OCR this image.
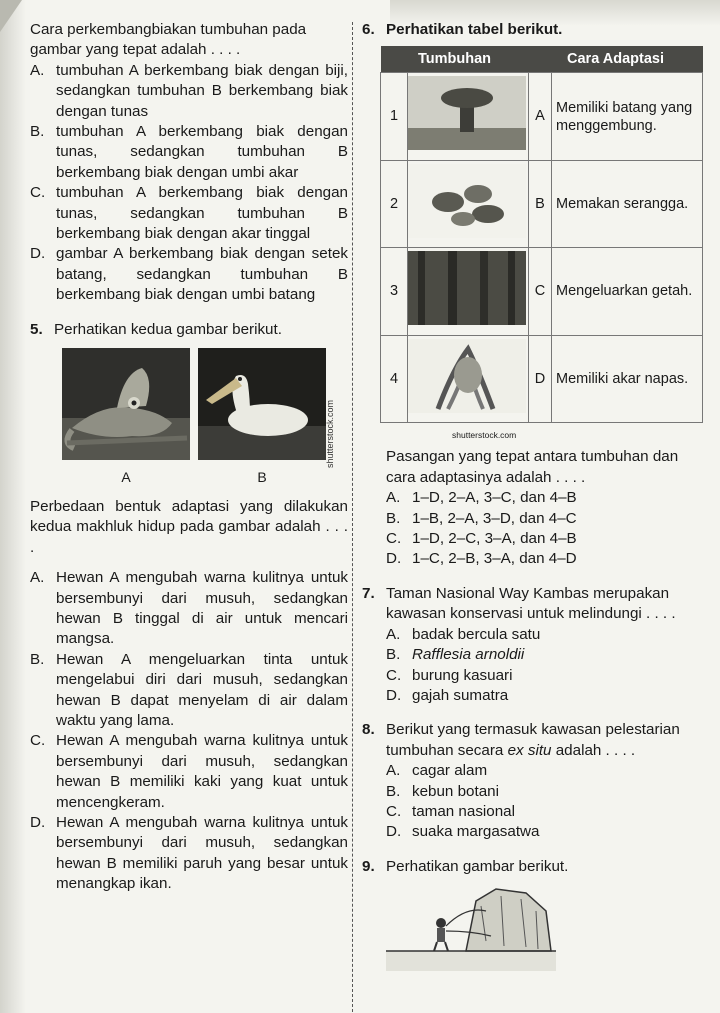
Cara perkembangbiakan tumbuhan pada
gambar yang tepat adalah . . . .
A. tumbuhan A berkembang biak dengan biji, sedangkan tumbuhan B berkembang biak dengan tunas
B. tumbuhan A berkembang biak dengan tunas, sedangkan tumbuhan B berkembang biak dengan umbi akar
C. tumbuhan A berkembang biak dengan tunas, sedangkan tumbuhan B berkembang biak dengan akar tinggal
D. gambar A berkembang biak dengan setek batang, sedangkan tumbuhan B berkembang biak dengan umbi batang
5. Perhatikan kedua gambar berikut.
A	B
Perbedaan bentuk adaptasi yang dilakukan kedua makhluk hidup pada gambar adalah . . . .
A. Hewan A mengubah warna kulitnya untuk bersembunyi dari musuh, sedangkan hewan B tinggal di air untuk mencari mangsa.
B. Hewan A mengeluarkan tinta untuk mengelabui diri dari musuh, sedangkan hewan B dapat menyelam di air dalam waktu yang lama.
C. Hewan A mengubah warna kulitnya untuk bersembunyi dari musuh, sedangkan hewan B memiliki kaki yang kuat untuk mencengkeram.
D. Hewan A mengubah warna kulitnya untuk bersembunyi dari musuh, sedangkan hewan B memiliki paruh yang besar untuk menangkap ikan.
shutterstock.com
6. Perhatikan tabel berikut.
Tumbuhan		Cara Adaptasi	
1		A	Memiliki batang yang menggembung.
2		B	Memakan serangga.
3		C	Mengeluarkan getah.
4		D	Memiliki akar napas.
shutterstock.com
Pasangan yang tepat antara tumbuhan dan cara adaptasinya adalah . . . .
A. 1–D, 2–A, 3–C, dan 4–B
B. 1–B, 2–A, 3–D, dan 4–C
C. 1–D, 2–C, 3–A, dan 4–B
D. 1–C, 2–B, 3–A, dan 4–D
7. Taman Nasional Way Kambas merupakan kawasan konservasi untuk melindungi . . . .
A. badak bercula satu
B. Rafflesia arnoldii
C. burung kasuari
D. gajah sumatra
8. Berikut yang termasuk kawasan pelestarian tumbuhan secara ex situ adalah . . . .
A. cagar alam
B. kebun botani
C. taman nasional
D. suaka margasatwa
9. Perhatikan gambar berikut.
